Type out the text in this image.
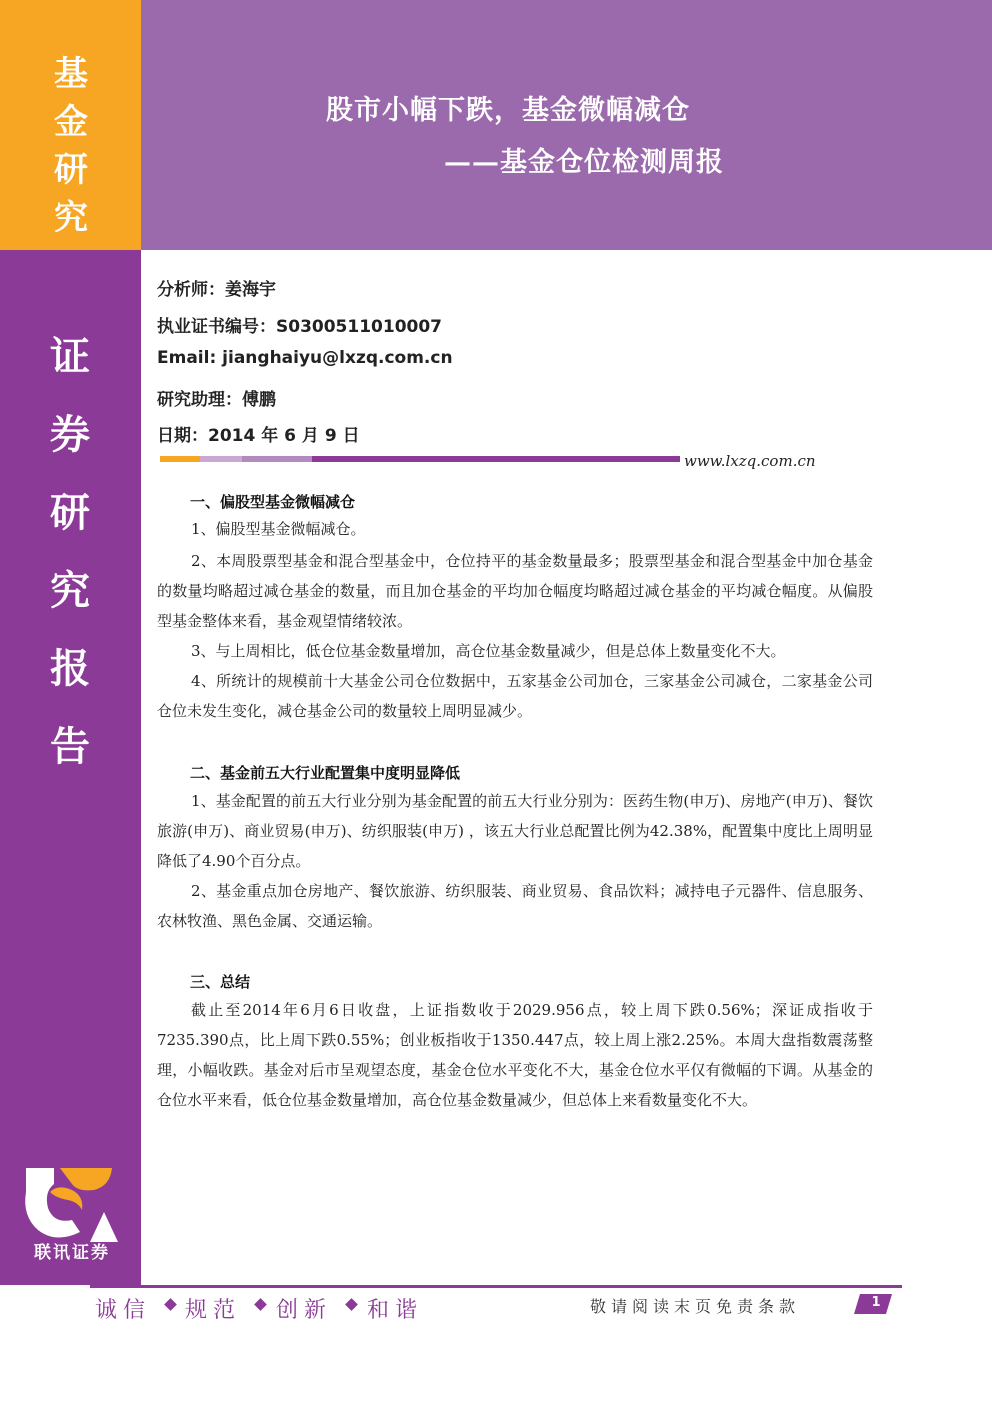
基
金
研
究
证
券
研
究
报
告
股市小幅下跌，基金微幅减仓
——基金仓位检测周报
分析师：姜海宇
执业证书编号：S0300511010007
Email: jianghaiyu@lxzq.com.cn
研究助理：傅鹏
日期：2014 年 6 月 9 日
www.lxzq.com.cn
一、偏股型基金微幅减仓
1、偏股型基金微幅减仓。
2、本周股票型基金和混合型基金中，仓位持平的基金数量最多；股票型基金和混合型基金中加仓基金的数量均略超过减仓基金的数量，而且加仓基金的平均加仓幅度均略超过减仓基金的平均减仓幅度。从偏股型基金整体来看，基金观望情绪较浓。
3、与上周相比，低仓位基金数量增加，高仓位基金数量减少，但是总体上数量变化不大。
4、所统计的规模前十大基金公司仓位数据中，五家基金公司加仓，三家基金公司减仓，二家基金公司仓位未发生变化，减仓基金公司的数量较上周明显减少。
二、基金前五大行业配置集中度明显降低
1、基金配置的前五大行业分别为基金配置的前五大行业分别为：医药生物(申万)、房地产(申万)、餐饮旅游(申万)、商业贸易(申万)、纺织服装(申万) ，该五大行业总配置比例为42.38%，配置集中度比上周明显降低了4.90个百分点。
2、基金重点加仓房地产、餐饮旅游、纺织服装、商业贸易、食品饮料；减持电子元器件、信息服务、农林牧渔、黑色金属、交通运输。
三、总结
截止至2014年6月6日收盘，上证指数收于2029.956点，较上周下跌0.56%；深证成指收于7235.390点，比上周下跌0.55%；创业板指收于1350.447点，较上周上涨2.25%。本周大盘指数震荡整理，小幅收跌。基金对后市呈观望态度，基金仓位水平变化不大，基金仓位水平仅有微幅的下调。从基金的仓位水平来看，低仓位基金数量增加，高仓位基金数量减少，但总体上来看数量变化不大。
联讯证券
诚信 规范 创新 和谐	敬请阅读末页免责条款	1
